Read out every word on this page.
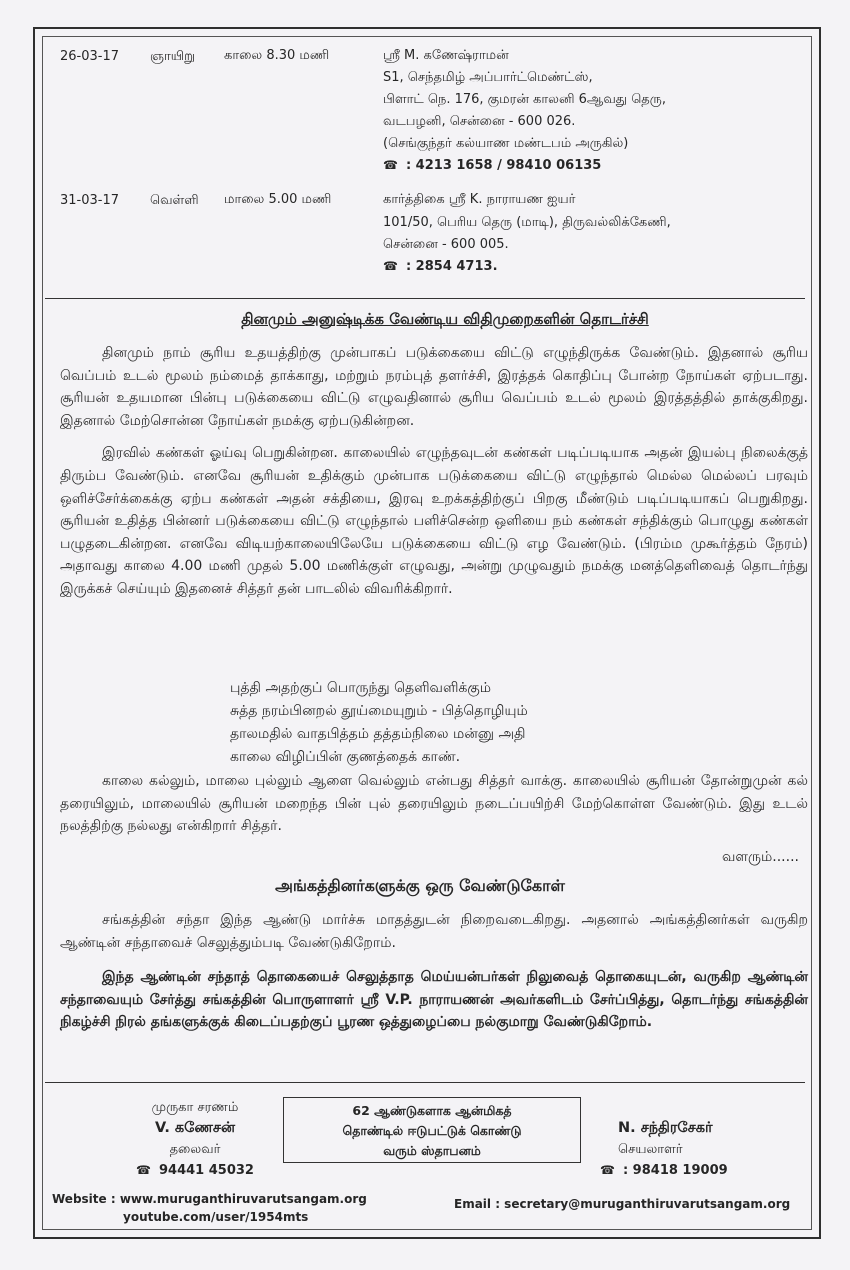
26-03-17 ஞாயிறு காலை 8.30 மணி	ஸ்ரீ M. கணேஷ்ராமன்
S1, செந்தமிழ் அப்பார்ட்மெண்ட்ஸ்,
பிளாட் நெ. 176, குமரன் காலனி 6ஆவது தெரு,
வடபழனி, சென்னை - 600 026.
(செங்குந்தர் கல்யாண மண்டபம் அருகில்)
☎ : 4213 1658 / 98410 06135
31-03-17 வெள்ளி மாலை 5.00 மணி	கார்த்திகை ஸ்ரீ K. நாராயண ஐயர்
101/50, பெரிய தெரு (மாடி), திருவல்லிக்கேணி,
சென்னை - 600 005.
☎ : 2854 4713.
தினமும் அனுஷ்டிக்க வேண்டிய விதிமுறைகளின் தொடர்ச்சி

தினமும் நாம் சூரிய உதயத்திற்கு முன்பாகப் படுக்கையை விட்டு எழுந்திருக்க வேண்டும். இதனால் சூரிய வெப்பம் உடல் மூலம் நம்மைத் தாக்காது, மற்றும் நரம்புத் தளர்ச்சி, இரத்தக் கொதிப்பு போன்ற நோய்கள் ஏற்படாது. சூரியன் உதயமான பின்பு படுக்கையை விட்டு எழுவதினால் சூரிய வெப்பம் உடல் மூலம் இரத்தத்தில் தாக்குகிறது. இதனால் மேற்சொன்ன நோய்கள் நமக்கு ஏற்படுகின்றன.

இரவில் கண்கள் ஓய்வு பெறுகின்றன. காலையில் எழுந்தவுடன் கண்கள் படிப்படியாக அதன் இயல்பு நிலைக்குத் திரும்ப வேண்டும். எனவே சூரியன் உதிக்கும் முன்பாக படுக்கையை விட்டு எழுந்தால் மெல்ல மெல்லப் பரவும் ஒளிச்சேர்க்கைக்கு ஏற்ப கண்கள் அதன் சக்தியை, இரவு உறக்கத்திற்குப் பிறகு மீண்டும் படிப்படியாகப் பெறுகிறது. சூரியன் உதித்த பின்னர் படுக்கையை விட்டு எழுந்தால் பளிச்சென்ற ஒளியை நம் கண்கள் சந்திக்கும் பொழுது கண்கள் பழுதடைகின்றன. எனவே விடியற்காலையிலேயே படுக்கையை விட்டு எழ வேண்டும். (பிரம்ம முகூர்த்தம் நேரம்) அதாவது காலை 4.00 மணி முதல் 5.00 மணிக்குள் எழுவது, அன்று முழுவதும் நமக்கு மனத்தெளிவைத் தொடர்ந்து இருக்கச் செய்யும் இதனைச் சித்தர் தன் பாடலில் விவரிக்கிறார்.

புத்தி அதற்குப் பொருந்து தெளிவளிக்கும்
சுத்த நரம்பினறல் தூய்மையுறும் - பித்தொழியும்
தாலமதில் வாதபித்தம் தத்தம்நிலை மன்னு அதி
காலை விழிப்பின் குணத்தைக் காண்.

காலை கல்லும், மாலை புல்லும் ஆளை வெல்லும் என்பது சித்தர் வாக்கு. காலையில் சூரியன் தோன்றுமுன் கல் தரையிலும், மாலையில் சூரியன் மறைந்த பின் புல் தரையிலும் நடைப்பயிற்சி மேற்கொள்ள வேண்டும். இது உடல் நலத்திற்கு நல்லது என்கிறார் சித்தர்.

வளரும்......
அங்கத்தினர்களுக்கு ஒரு வேண்டுகோள்

சங்கத்தின் சந்தா இந்த ஆண்டு மார்ச்சு மாதத்துடன் நிறைவடைகிறது. அதனால் அங்கத்தினர்கள் வருகிற ஆண்டின் சந்தாவைச் செலுத்தும்படி வேண்டுகிறோம்.

இந்த ஆண்டின் சந்தாத் தொகையைச் செலுத்தாத மெய்யன்பர்கள் நிலுவைத் தொகையுடன், வருகிற ஆண்டின் சந்தாவையும் சேர்த்து சங்கத்தின் பொருளாளர் ஸ்ரீ V.P. நாராயணன் அவர்களிடம் சேர்ப்பித்து, தொடர்ந்து சங்கத்தின் நிகழ்ச்சி நிரல் தங்களுக்குக் கிடைப்பதற்குப் பூரண ஒத்துழைப்பை நல்குமாறு வேண்டுகிறோம்.

முருகா சரணம்
V. கணேசன்
தலைவர்
☎ 94441 45032
62 ஆண்டுகளாக ஆன்மிகத்
தொண்டில் ஈடுபட்டுக் கொண்டு
வரும் ஸ்தாபனம்
N. சந்திரசேகர்
செயலாளர்
☎ : 98418 19009
Website : www.muruganthiruvarutsangam.org
youtube.com/user/1954mts
Email : secretary@muruganthiruvarutsangam.org
